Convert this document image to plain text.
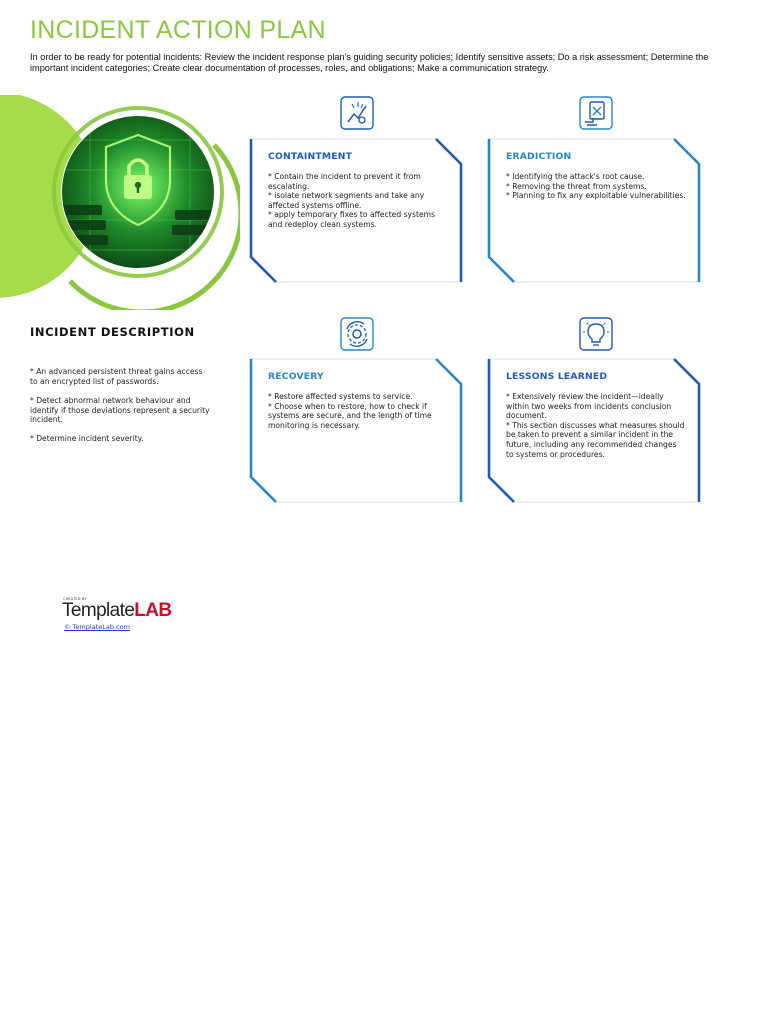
INCIDENT ACTION PLAN
In order to be ready for potential incidents: Review the incident response plan's guiding security policies; Identify sensitive assets; Do a risk assessment; Determine the important incident categories; Create clear documentation of processes, roles, and obligations; Make a communication strategy.
CONTAINTMENT
* Contain the incident to prevent it from escalating.
* isolate network segments and take any affected systems offline.
* apply temporary fixes to affected systems and redeploy clean systems.
ERADICTION
* Identifying the attack's root cause.
* Removing the threat from systems.
* Planning to fix any exploitable vulnerabilities.
RECOVERY
* Restore affected systems to service.
* Choose when to restore, how to check if systems are secure, and the length of time monitoring is necessary.
LESSONS LEARNED
* Extensively review the incident—ideally within two weeks from incidents conclusion document.
* This section discusses what measures should be taken to prevent a similar incident in the future, including any recommended changes to systems or procedures.
INCIDENT DESCRIPTION
* An advanced persistent threat gains access to an encrypted list of passwords.
* Detect abnormal network behaviour and identify if those deviations represent a security incident.
* Determine incident severity.
CREATED BY
TemplateLAB
© TemplateLab.com
